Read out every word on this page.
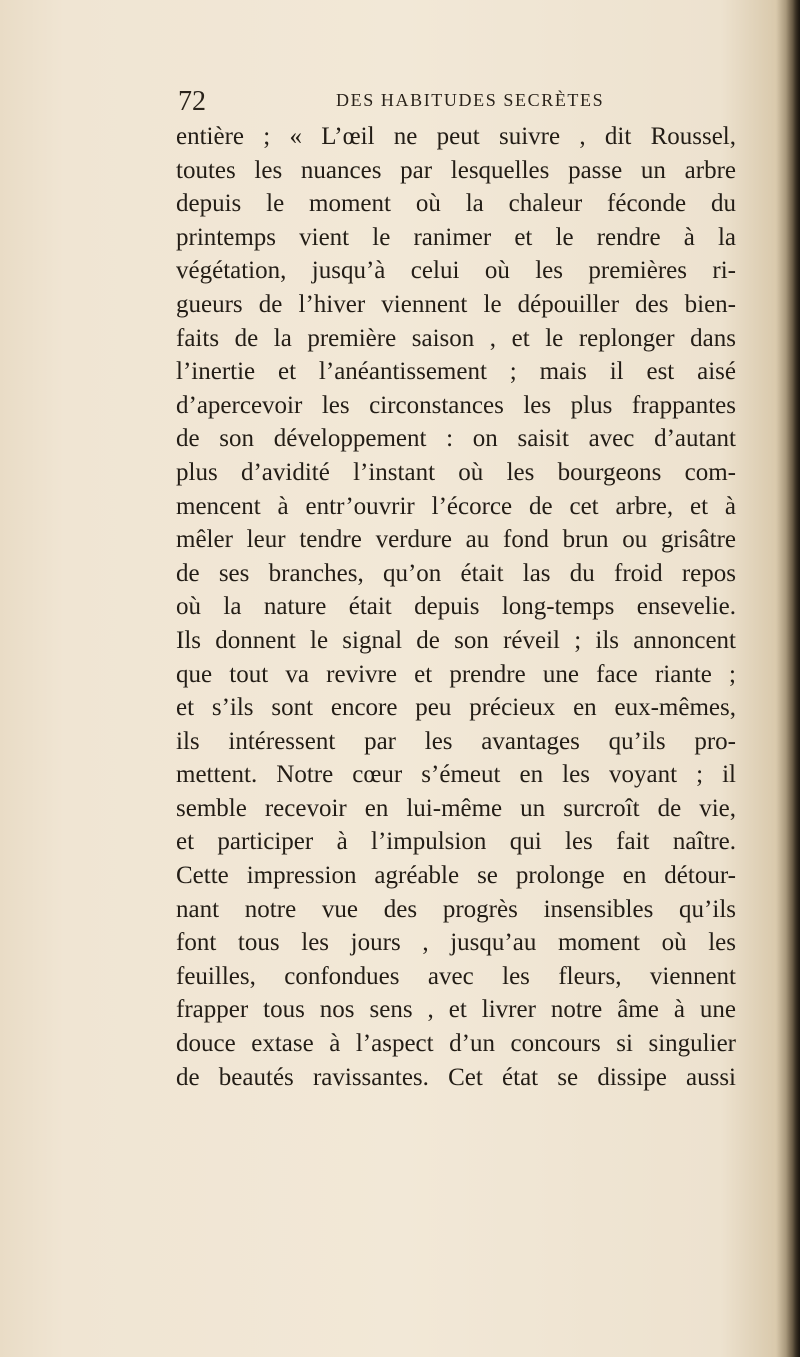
72	DES HABITUDES SECRÈTES
entière ; « L’œil ne peut suivre , dit Roussel,
toutes les nuances par lesquelles passe un arbre
depuis le moment où la chaleur féconde du
printemps vient le ranimer et le rendre à la
végétation, jusqu’à celui où les premières ri-
gueurs de l’hiver viennent le dépouiller des bien-
faits de la première saison , et le replonger dans
l’inertie et l’anéantissement ; mais il est aisé
d’apercevoir les circonstances les plus frappantes
de son développement : on saisit avec d’autant
plus d’avidité l’instant où les bourgeons com-
mencent à entr’ouvrir l’écorce de cet arbre, et à
mêler leur tendre verdure au fond brun ou grisâtre
de ses branches, qu’on était las du froid repos
où la nature était depuis long-temps ensevelie.
Ils donnent le signal de son réveil ; ils annoncent
que tout va revivre et prendre une face riante ;
et s’ils sont encore peu précieux en eux-mêmes,
ils intéressent par les avantages qu’ils pro-
mettent. Notre cœur s’émeut en les voyant ; il
semble recevoir en lui-même un surcroît de vie,
et participer à l’impulsion qui les fait naître.
Cette impression agréable se prolonge en détour-
nant notre vue des progrès insensibles qu’ils
font tous les jours , jusqu’au moment où les
feuilles, confondues avec les fleurs, viennent
frapper tous nos sens , et livrer notre âme à une
douce extase à l’aspect d’un concours si singulier
de beautés ravissantes. Cet état se dissipe aussi
